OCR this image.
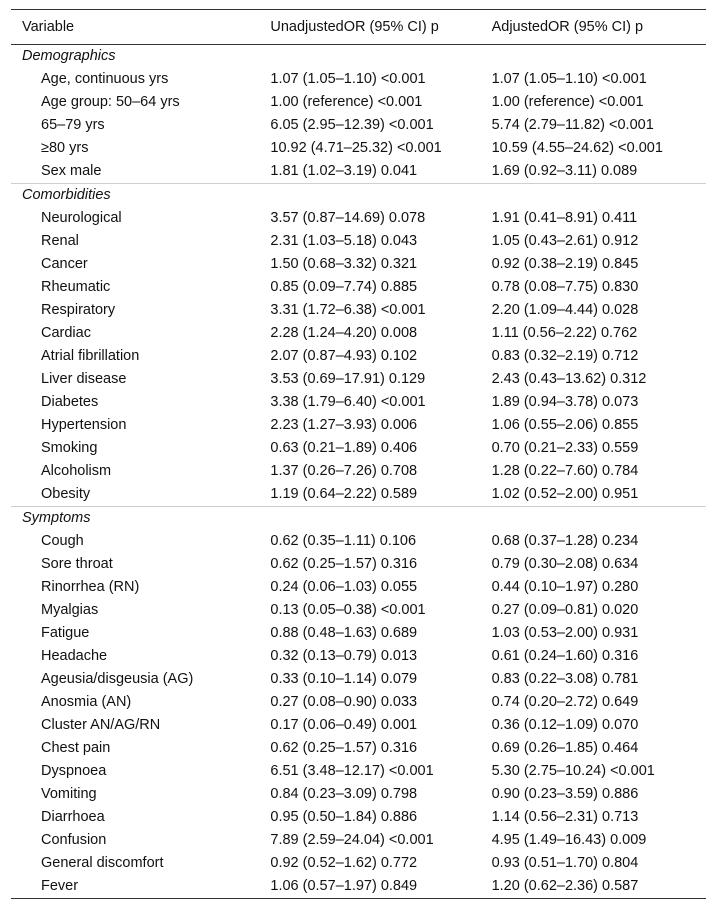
Variable	UnadjustedOR (95% CI) p	AdjustedOR (95% CI) p
Demographics		
Age, continuous yrs	1.07 (1.05–1.10) <0.001	1.07 (1.05–1.10) <0.001
Age group: 50–64 yrs	1.00 (reference) <0.001	1.00 (reference) <0.001
65–79 yrs	6.05 (2.95–12.39) <0.001	5.74 (2.79–11.82) <0.001
≥80 yrs	10.92 (4.71–25.32) <0.001	10.59 (4.55–24.62) <0.001
Sex male	1.81 (1.02–3.19) 0.041	1.69 (0.92–3.11) 0.089
Comorbidities		
Neurological	3.57 (0.87–14.69) 0.078	1.91 (0.41–8.91) 0.411
Renal	2.31 (1.03–5.18) 0.043	1.05 (0.43–2.61) 0.912
Cancer	1.50 (0.68–3.32) 0.321	0.92 (0.38–2.19) 0.845
Rheumatic	0.85 (0.09–7.74) 0.885	0.78 (0.08–7.75) 0.830
Respiratory	3.31 (1.72–6.38) <0.001	2.20 (1.09–4.44) 0.028
Cardiac	2.28 (1.24–4.20) 0.008	1.11 (0.56–2.22) 0.762
Atrial fibrillation	2.07 (0.87–4.93) 0.102	0.83 (0.32–2.19) 0.712
Liver disease	3.53 (0.69–17.91) 0.129	2.43 (0.43–13.62) 0.312
Diabetes	3.38 (1.79–6.40) <0.001	1.89 (0.94–3.78) 0.073
Hypertension	2.23 (1.27–3.93) 0.006	1.06 (0.55–2.06) 0.855
Smoking	0.63 (0.21–1.89) 0.406	0.70 (0.21–2.33) 0.559
Alcoholism	1.37 (0.26–7.26) 0.708	1.28 (0.22–7.60) 0.784
Obesity	1.19 (0.64–2.22) 0.589	1.02 (0.52–2.00) 0.951
Symptoms		
Cough	0.62 (0.35–1.11) 0.106	0.68 (0.37–1.28) 0.234
Sore throat	0.62 (0.25–1.57) 0.316	0.79 (0.30–2.08) 0.634
Rinorrhea (RN)	0.24 (0.06–1.03) 0.055	0.44 (0.10–1.97) 0.280
Myalgias	0.13 (0.05–0.38) <0.001	0.27 (0.09–0.81) 0.020
Fatigue	0.88 (0.48–1.63) 0.689	1.03 (0.53–2.00) 0.931
Headache	0.32 (0.13–0.79) 0.013	0.61 (0.24–1.60) 0.316
Ageusia/disgeusia (AG)	0.33 (0.10–1.14) 0.079	0.83 (0.22–3.08) 0.781
Anosmia (AN)	0.27 (0.08–0.90) 0.033	0.74 (0.20–2.72) 0.649
Cluster AN/AG/RN	0.17 (0.06–0.49) 0.001	0.36 (0.12–1.09) 0.070
Chest pain	0.62 (0.25–1.57) 0.316	0.69 (0.26–1.85) 0.464
Dyspnoea	6.51 (3.48–12.17) <0.001	5.30 (2.75–10.24) <0.001
Vomiting	0.84 (0.23–3.09) 0.798	0.90 (0.23–3.59) 0.886
Diarrhoea	0.95 (0.50–1.84) 0.886	1.14 (0.56–2.31) 0.713
Confusion	7.89 (2.59–24.04) <0.001	4.95 (1.49–16.43) 0.009
General discomfort	0.92 (0.52–1.62) 0.772	0.93 (0.51–1.70) 0.804
Fever	1.06 (0.57–1.97) 0.849	1.20 (0.62–2.36) 0.587
